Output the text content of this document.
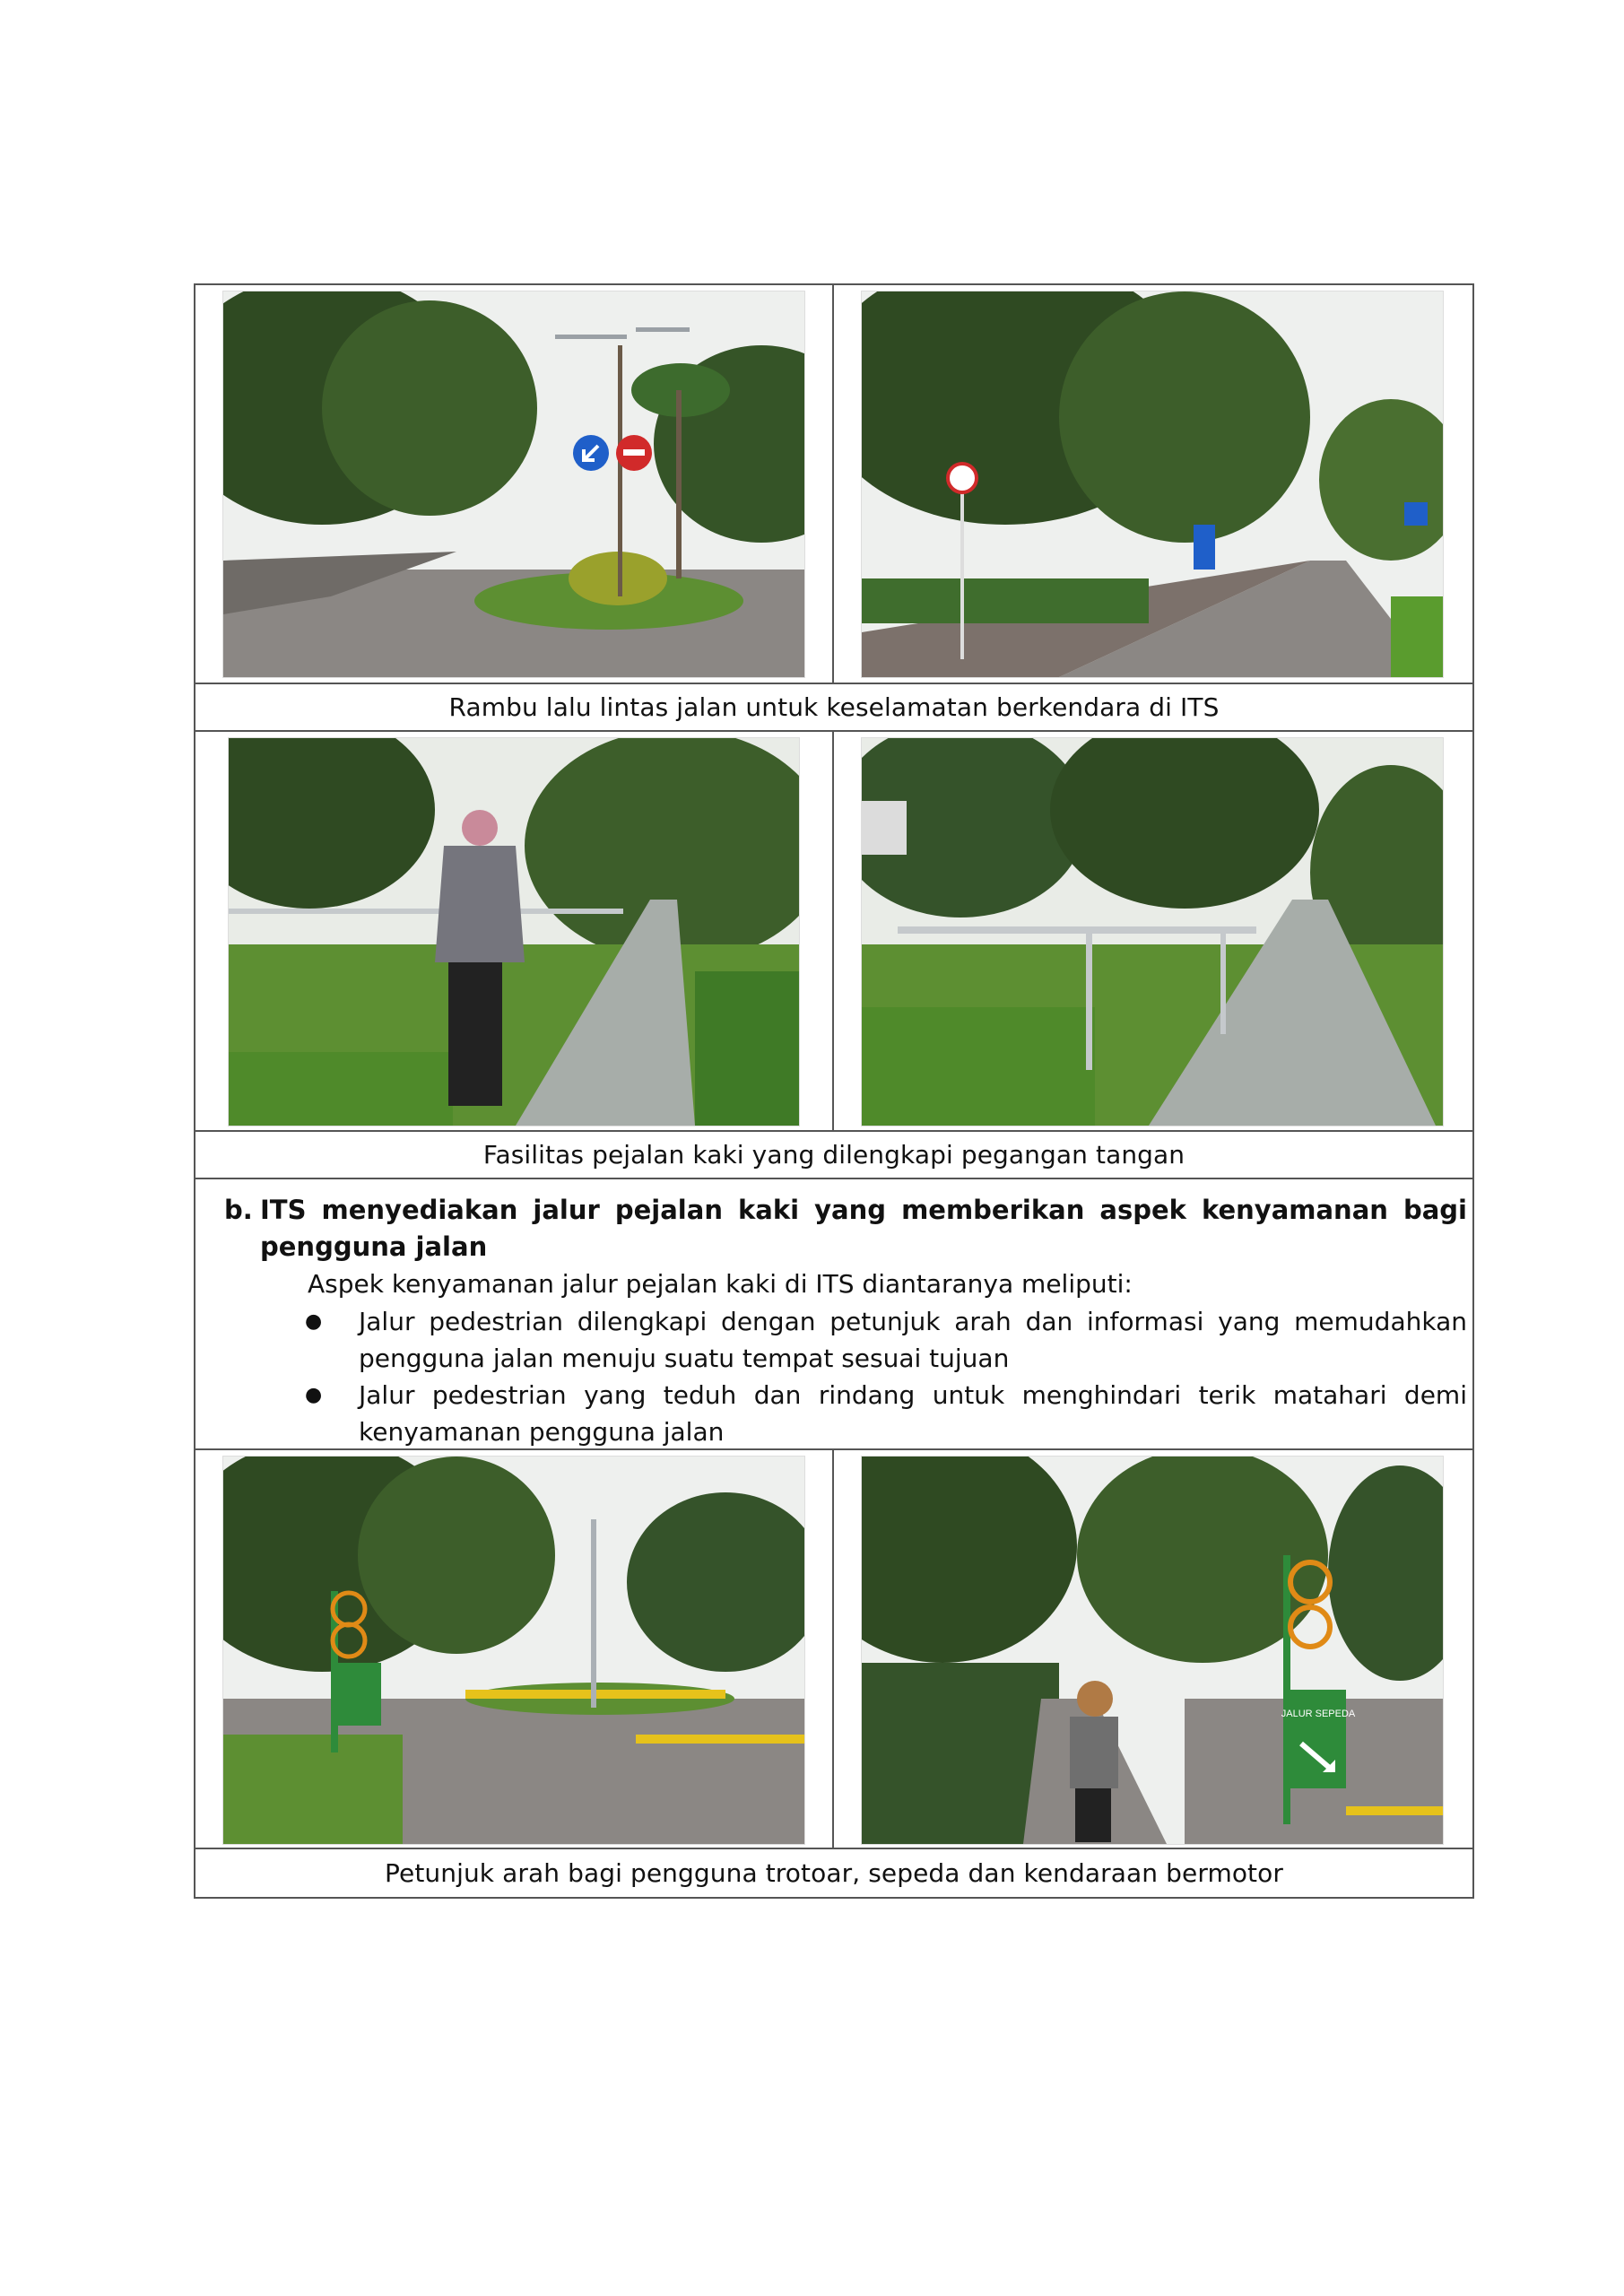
Rambu lalu lintas jalan untuk keselamatan berkendara di ITS
Fasilitas pejalan kaki yang dilengkapi pegangan tangan
b. ITS menyediakan jalur pejalan kaki yang memberikan aspek kenyamanan bagi pengguna jalan
Aspek kenyamanan jalur pejalan kaki di ITS diantaranya meliputi:
● Jalur pedestrian dilengkapi dengan petunjuk arah dan informasi yang memudahkan pengguna jalan menuju suatu tempat sesuai tujuan
● Jalur pedestrian yang teduh dan rindang untuk menghindari terik matahari demi kenyamanan pengguna jalan
JALUR SEPEDA
Petunjuk arah bagi pengguna trotoar, sepeda dan kendaraan bermotor
